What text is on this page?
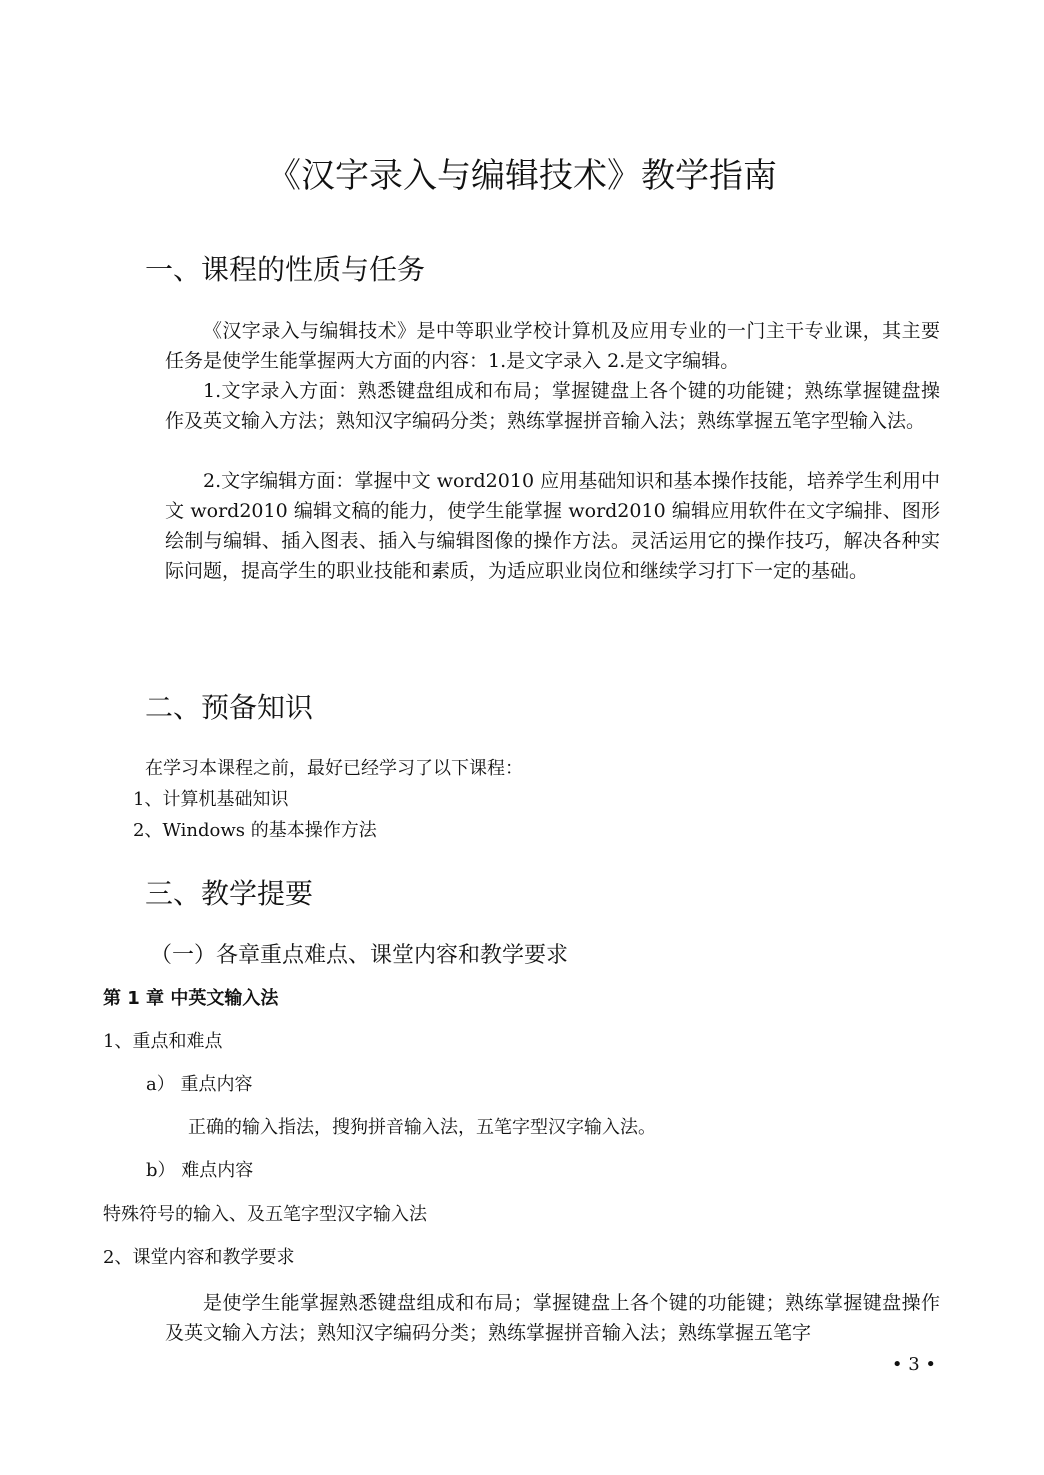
《汉字录入与编辑技术》教学指南
一、课程的性质与任务
《汉字录入与编辑技术》是中等职业学校计算机及应用专业的一门主干专业课，其主要任务是使学生能掌握两大方面的内容：1.是文字录入 2.是文字编辑。
1.文字录入方面：熟悉键盘组成和布局；掌握键盘上各个键的功能键；熟练掌握键盘操作及英文输入方法；熟知汉字编码分类；熟练掌握拼音输入法；熟练掌握五笔字型输入法。
2.文字编辑方面：掌握中文 word2010 应用基础知识和基本操作技能，培养学生利用中文 word2010 编辑文稿的能力，使学生能掌握 word2010 编辑应用软件在文字编排、图形绘制与编辑、插入图表、插入与编辑图像的操作方法。灵活运用它的操作技巧，解决各种实际问题，提高学生的职业技能和素质，为适应职业岗位和继续学习打下一定的基础。
二、预备知识
在学习本课程之前，最好已经学习了以下课程：
1、计算机基础知识
2、Windows 的基本操作方法
三、教学提要
（一）各章重点难点、课堂内容和教学要求
第 1 章 中英文输入法
1、重点和难点
a） 重点内容
正确的输入指法，搜狗拼音输入法，五笔字型汉字输入法。
b） 难点内容
特殊符号的输入、及五笔字型汉字输入法
2、课堂内容和教学要求
是使学生能掌握熟悉键盘组成和布局；掌握键盘上各个键的功能键；熟练掌握键盘操作及英文输入方法；熟知汉字编码分类；熟练掌握拼音输入法；熟练掌握五笔字
• 3 •
